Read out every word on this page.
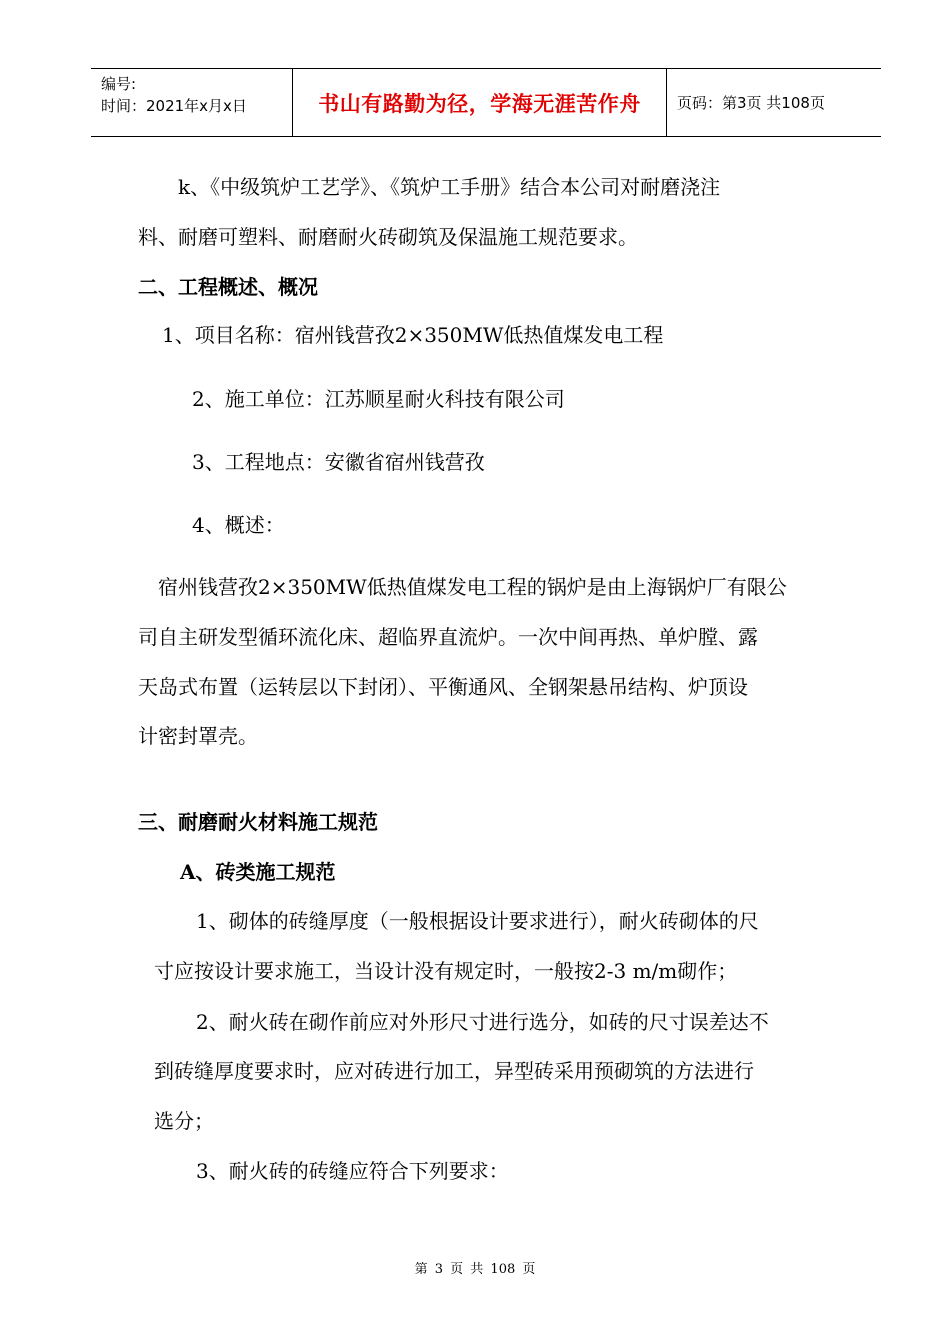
编号:
时间：2021年x月x日	书山有路勤为径，学海无涯苦作舟	页码：第3页 共108页
k、《中级筑炉工艺学》、《筑炉工手册》结合本公司对耐磨浇注
料、耐磨可塑料、耐磨耐火砖砌筑及保温施工规范要求。
二、工程概述、概况
1、项目名称：宿州钱营孜2×350MW低热值煤发电工程
2、施工单位：江苏顺星耐火科技有限公司
3、工程地点：安徽省宿州钱营孜
4、概述：
宿州钱营孜2×350MW低热值煤发电工程的锅炉是由上海锅炉厂有限公
司自主研发型循环流化床、超临界直流炉。一次中间再热、单炉膛、露
天岛式布置（运转层以下封闭）、平衡通风、全钢架悬吊结构、炉顶设
计密封罩壳。
三、耐磨耐火材料施工规范
A、砖类施工规范
1、砌体的砖缝厚度（一般根据设计要求进行），耐火砖砌体的尺
寸应按设计要求施工，当设计没有规定时，一般按2-3 m/m砌作；
2、耐火砖在砌作前应对外形尺寸进行选分，如砖的尺寸误差达不
到砖缝厚度要求时，应对砖进行加工，异型砖采用预砌筑的方法进行
选分；
3、耐火砖的砖缝应符合下列要求：
第 3 页 共 108 页
